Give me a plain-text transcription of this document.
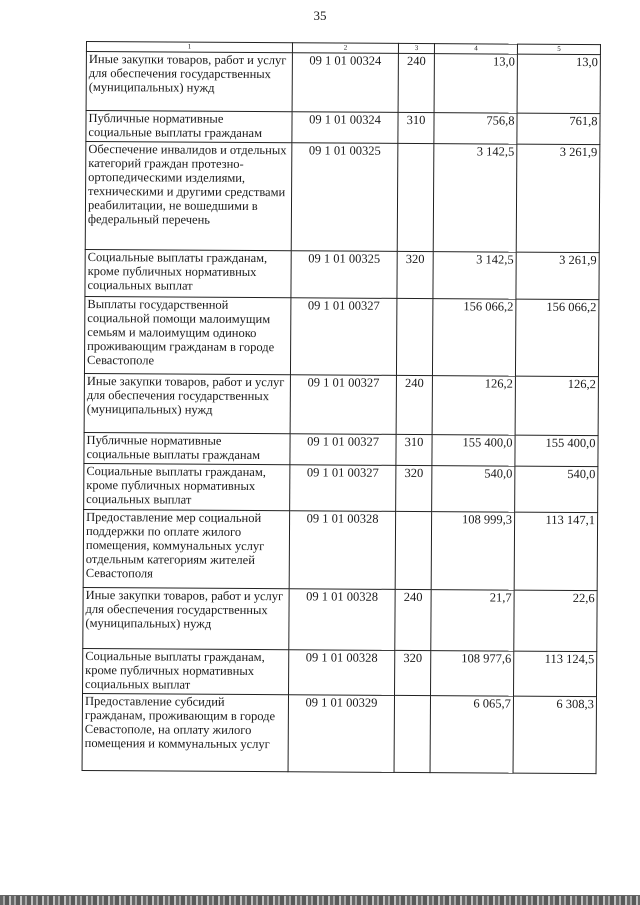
35
1	2	3	4	5
Иные закупки товаров, работ и услуг для обеспечения государственных (муниципальных) нужд	09 1 01 00324	240	13,0	13,0
Публичные нормативные социальные выплаты гражданам	09 1 01 00324	310	756,8	761,8
Обеспечение инвалидов и отдельных категорий граждан протезно-ортопедическими изделиями, техническими и другими средствами реабилитации, не вошедшими в федеральный перечень	09 1 01 00325		3 142,5	3 261,9
Социальные выплаты гражданам, кроме публичных нормативных социальных выплат	09 1 01 00325	320	3 142,5	3 261,9
Выплаты государственной социальной помощи малоимущим семьям и малоимущим одиноко проживающим гражданам в городе Севастополе	09 1 01 00327		156 066,2	156 066,2
Иные закупки товаров, работ и услуг для обеспечения государственных (муниципальных) нужд	09 1 01 00327	240	126,2	126,2
Публичные нормативные социальные выплаты гражданам	09 1 01 00327	310	155 400,0	155 400,0
Социальные выплаты гражданам, кроме публичных нормативных социальных выплат	09 1 01 00327	320	540,0	540,0
Предоставление мер социальной поддержки по оплате жилого помещения, коммунальных услуг отдельным категориям жителей Севастополя	09 1 01 00328		108 999,3	113 147,1
Иные закупки товаров, работ и услуг для обеспечения государственных (муниципальных) нужд	09 1 01 00328	240	21,7	22,6
Социальные выплаты гражданам, кроме публичных нормативных социальных выплат	09 1 01 00328	320	108 977,6	113 124,5
Предоставление субсидий гражданам, проживающим в городе Севастополе, на оплату жилого помещения и коммунальных услуг	09 1 01 00329		6 065,7	6 308,3
